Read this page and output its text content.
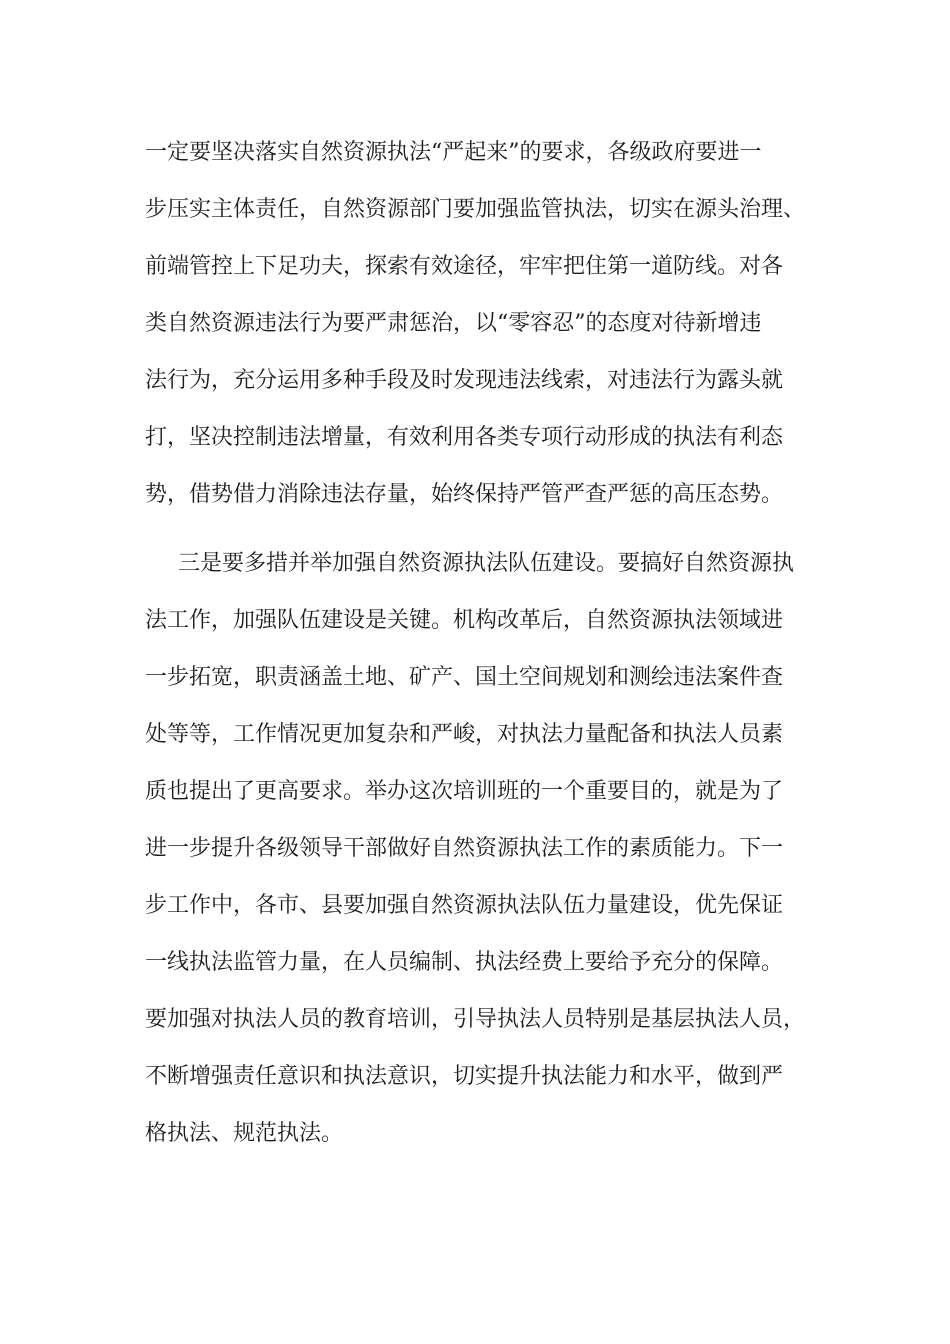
一定要坚决落实自然资源执法“严起来”的要求，各级政府要进一
步压实主体责任，自然资源部门要加强监管执法，切实在源头治理、
前端管控上下足功夫，探索有效途径，牢牢把住第一道防线。对各
类自然资源违法行为要严肃惩治，以“零容忍”的态度对待新增违
法行为，充分运用多种手段及时发现违法线索，对违法行为露头就
打，坚决控制违法增量，有效利用各类专项行动形成的执法有利态
势，借势借力消除违法存量，始终保持严管严查严惩的高压态势。
三是要多措并举加强自然资源执法队伍建设。要搞好自然资源执
法工作，加强队伍建设是关键。机构改革后，自然资源执法领域进
一步拓宽，职责涵盖土地、矿产、国土空间规划和测绘违法案件查
处等等，工作情况更加复杂和严峻，对执法力量配备和执法人员素
质也提出了更高要求。举办这次培训班的一个重要目的，就是为了
进一步提升各级领导干部做好自然资源执法工作的素质能力。下一
步工作中，各市、县要加强自然资源执法队伍力量建设，优先保证
一线执法监管力量，在人员编制、执法经费上要给予充分的保障。
要加强对执法人员的教育培训，引导执法人员特别是基层执法人员，
不断增强责任意识和执法意识，切实提升执法能力和水平，做到严
格执法、规范执法。
